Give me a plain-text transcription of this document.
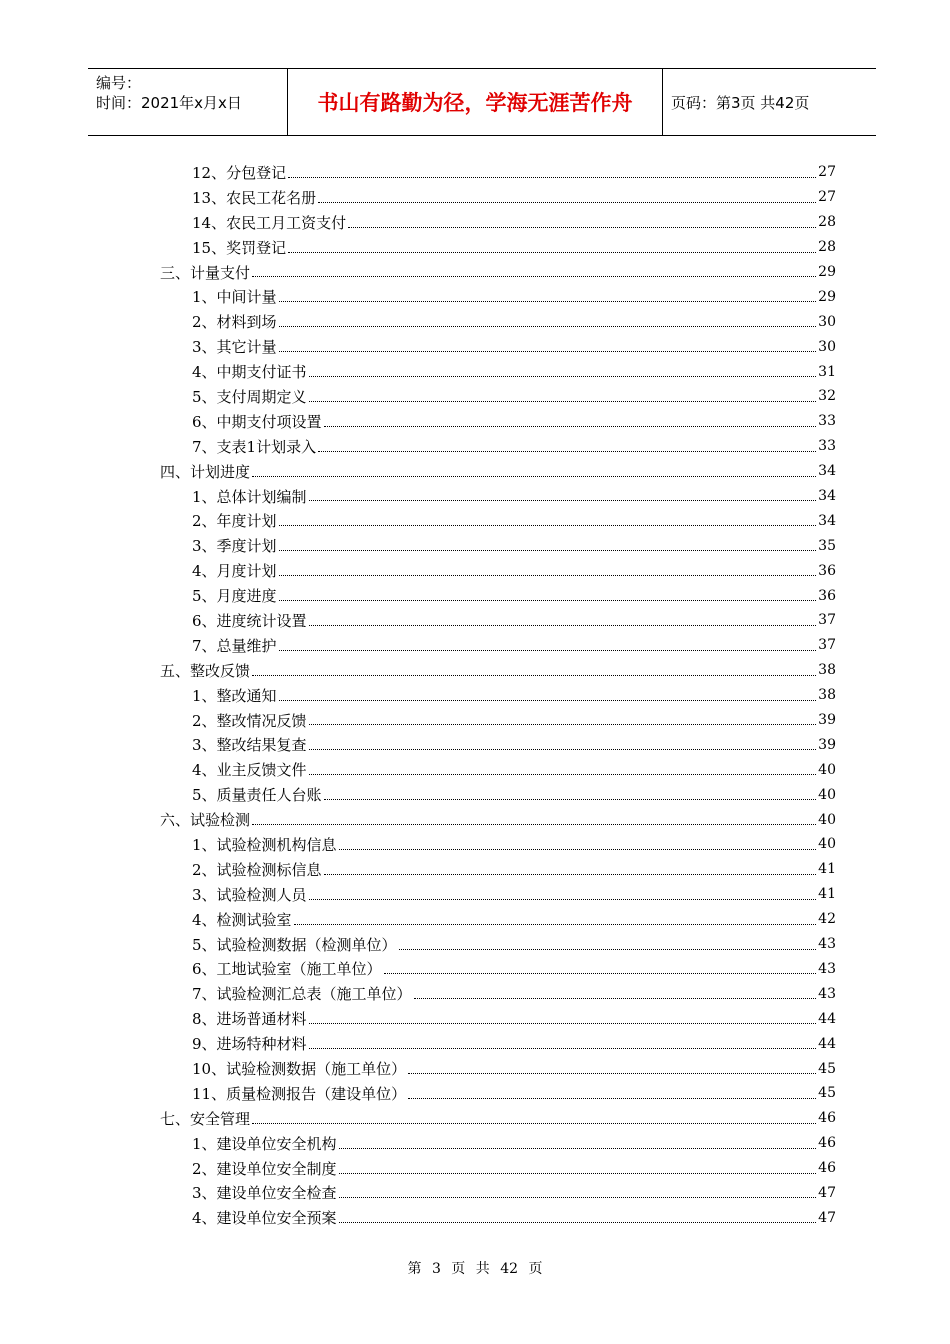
编号：
时间：2021年x月x日	书山有路勤为径，学海无涯苦作舟	页码：第3页 共42页
12、分包登记	27
13、农民工花名册	27
14、农民工月工资支付	28
15、奖罚登记	28
三、计量支付	29
1、中间计量	29
2、材料到场	30
3、其它计量	30
4、中期支付证书	31
5、支付周期定义	32
6、中期支付项设置	33
7、支表1计划录入	33
四、计划进度	34
1、总体计划编制	34
2、年度计划	34
3、季度计划	35
4、月度计划	36
5、月度进度	36
6、进度统计设置	37
7、总量维护	37
五、整改反馈	38
1、整改通知	38
2、整改情况反馈	39
3、整改结果复查	39
4、业主反馈文件	40
5、质量责任人台账	40
六、试验检测	40
1、试验检测机构信息	40
2、试验检测标信息	41
3、试验检测人员	41
4、检测试验室	42
5、试验检测数据（检测单位）	43
6、工地试验室（施工单位）	43
7、试验检测汇总表（施工单位）	43
8、进场普通材料	44
9、进场特种材料	44
10、试验检测数据（施工单位）	45
11、质量检测报告（建设单位）	45
七、安全管理	46
1、建设单位安全机构	46
2、建设单位安全制度	46
3、建设单位安全检查	47
4、建设单位安全预案	47
第 3 页 共 42 页
